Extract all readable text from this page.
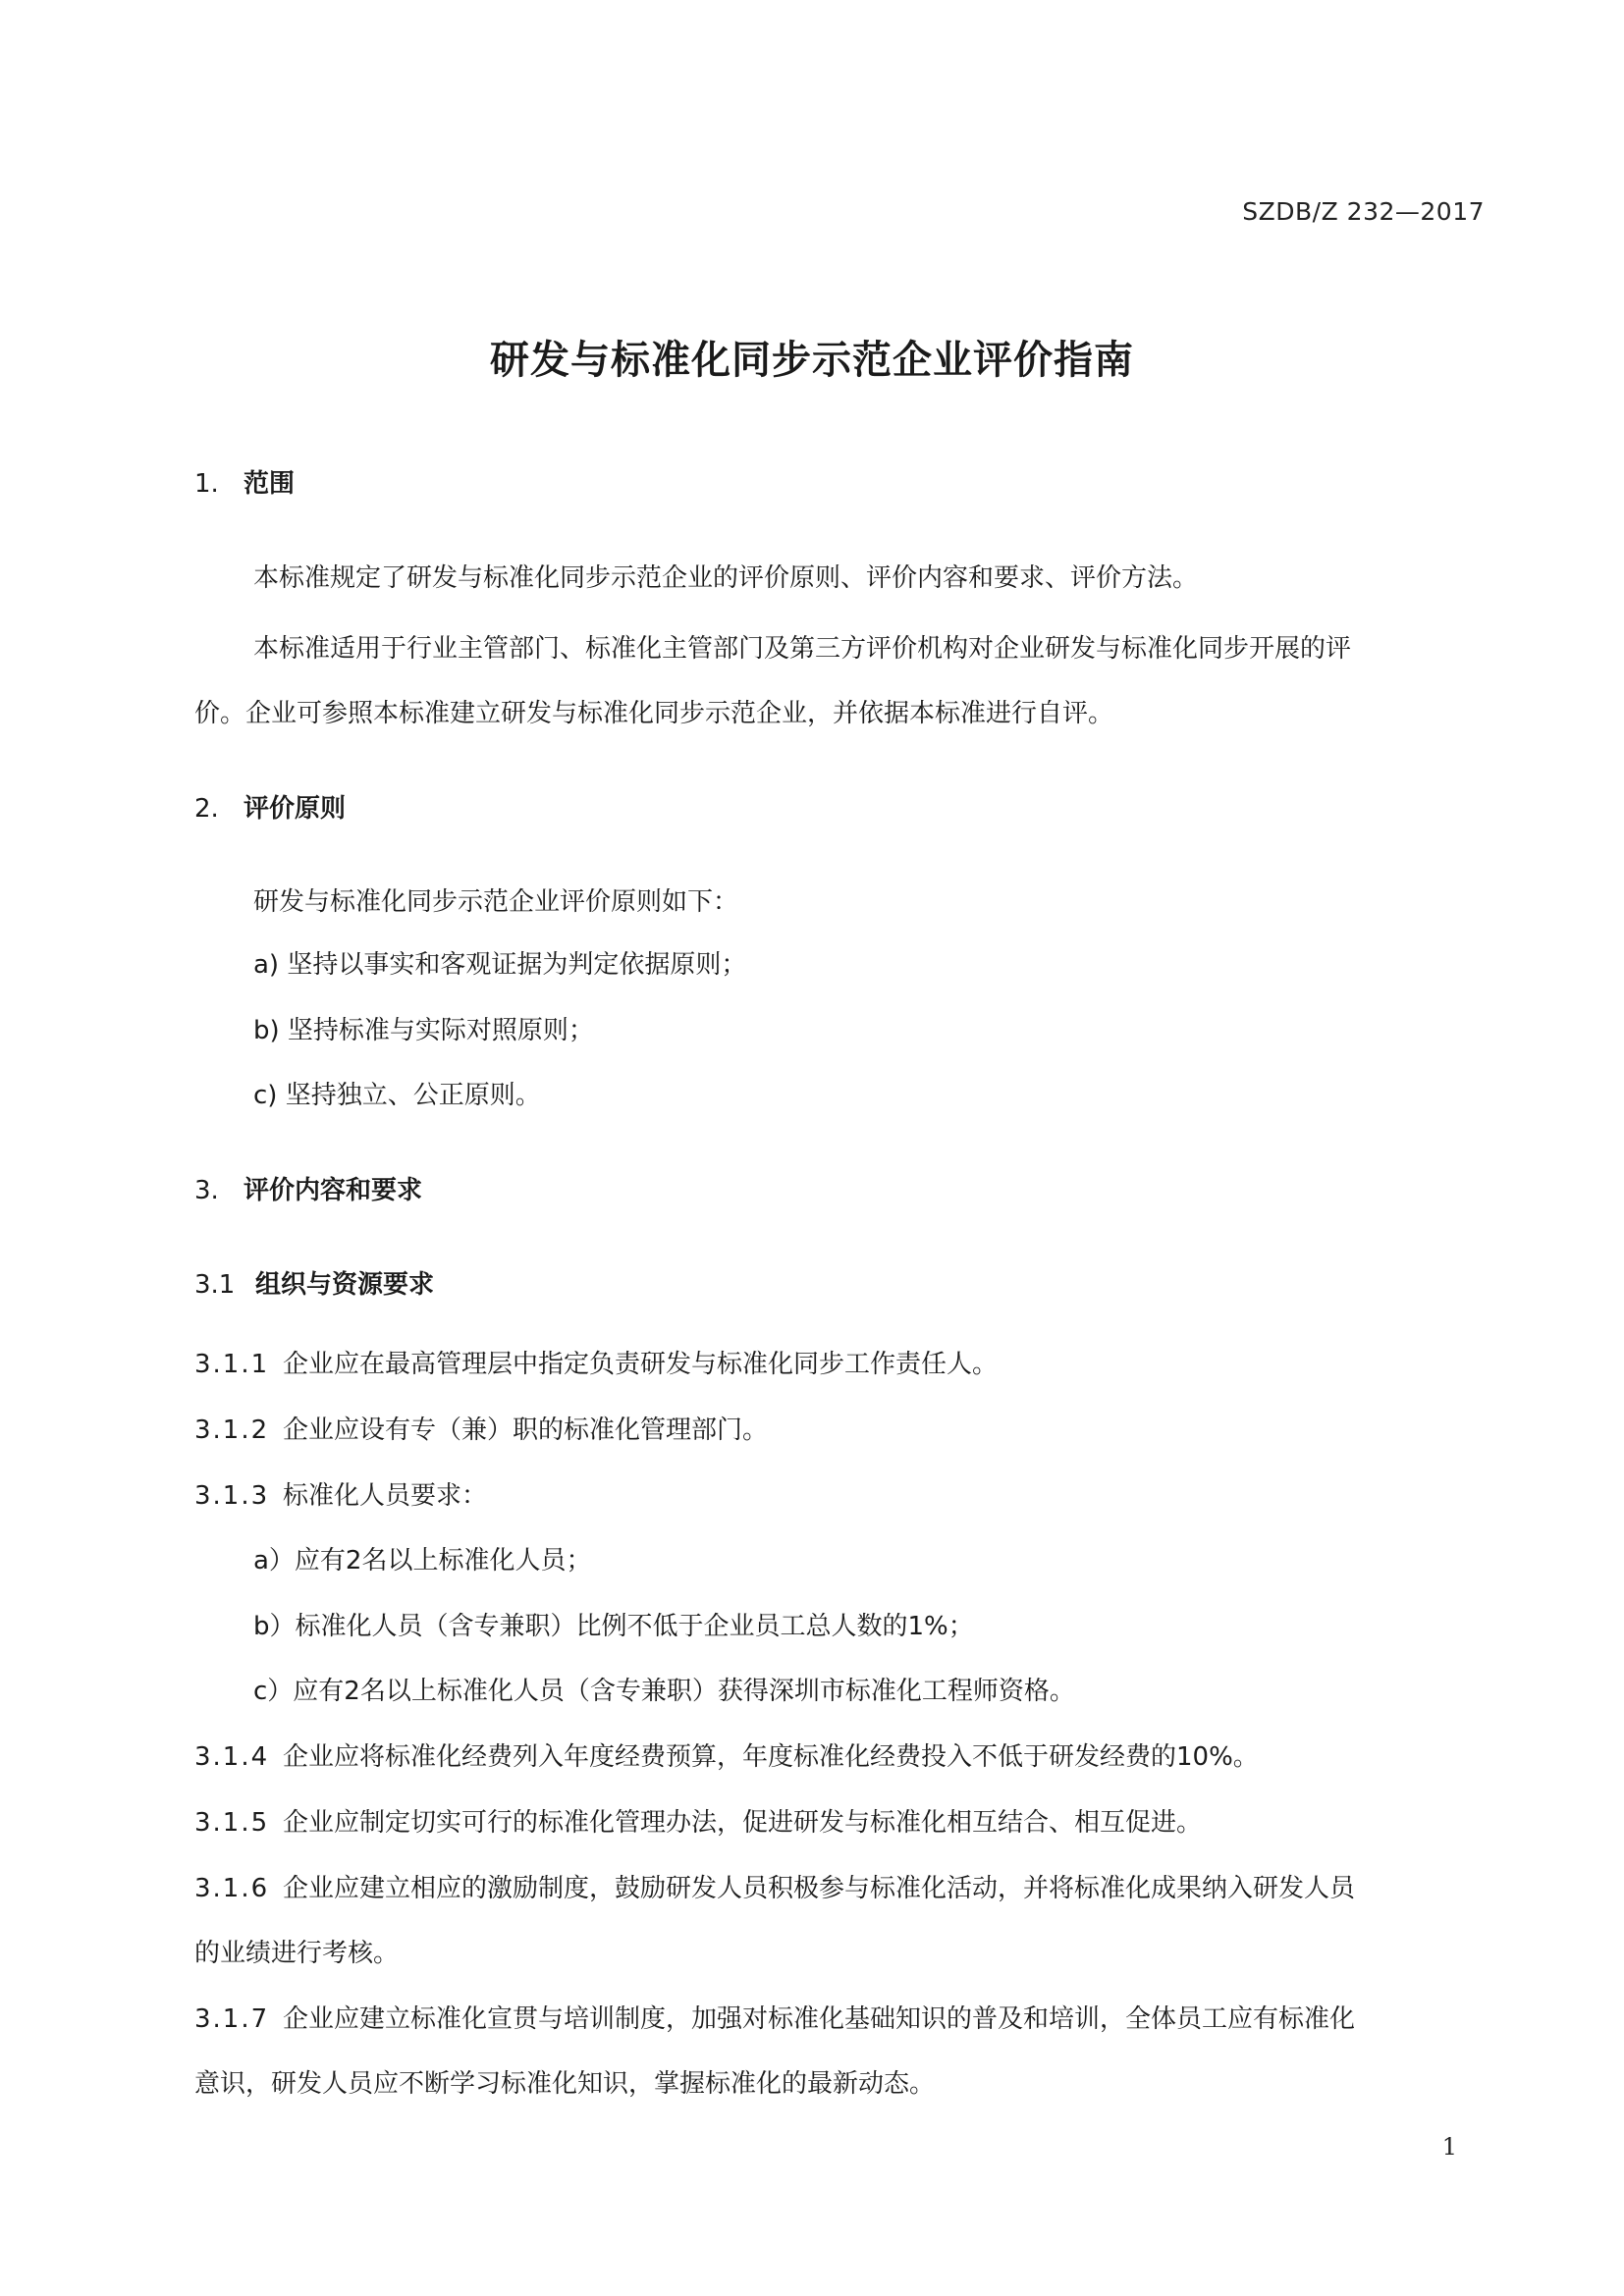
SZDB/Z 232—2017
研发与标准化同步示范企业评价指南
1. 范围
本标准规定了研发与标准化同步示范企业的评价原则、评价内容和要求、评价方法。
本标准适用于行业主管部门、标准化主管部门及第三方评价机构对企业研发与标准化同步开展的评
价。企业可参照本标准建立研发与标准化同步示范企业，并依据本标准进行自评。
2. 评价原则
研发与标准化同步示范企业评价原则如下：
a) 坚持以事实和客观证据为判定依据原则；
b) 坚持标准与实际对照原则；
c) 坚持独立、公正原则。
3. 评价内容和要求
3.1 组织与资源要求
3.1.1 企业应在最高管理层中指定负责研发与标准化同步工作责任人。
3.1.2 企业应设有专（兼）职的标准化管理部门。
3.1.3 标准化人员要求：
a）应有2名以上标准化人员；
b）标准化人员（含专兼职）比例不低于企业员工总人数的1%；
c）应有2名以上标准化人员（含专兼职）获得深圳市标准化工程师资格。
3.1.4 企业应将标准化经费列入年度经费预算，年度标准化经费投入不低于研发经费的10%。
3.1.5 企业应制定切实可行的标准化管理办法，促进研发与标准化相互结合、相互促进。
3.1.6 企业应建立相应的激励制度，鼓励研发人员积极参与标准化活动，并将标准化成果纳入研发人员
的业绩进行考核。
3.1.7 企业应建立标准化宣贯与培训制度，加强对标准化基础知识的普及和培训，全体员工应有标准化
意识，研发人员应不断学习标准化知识，掌握标准化的最新动态。
1
